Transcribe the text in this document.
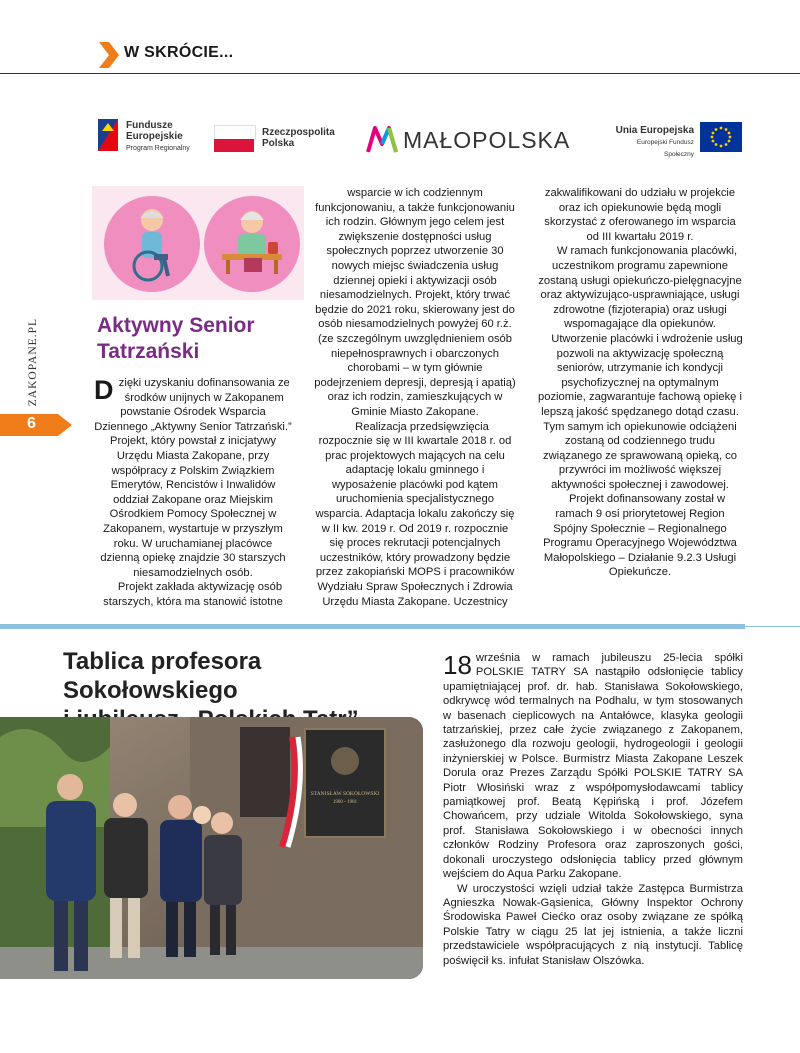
W SKRÓCIE...
ZAKOPANE.PL
6
Fundusze
Europejskie
Program Regionalny
Rzeczpospolita
Polska	MAŁOPOLSKA	Unia Europejska
Europejski Fundusz Społeczny
Aktywny Senior
Tatrzański

Dzięki uzyskaniu dofinansowania ze środków unijnych w Zakopanem powstanie Ośrodek Wsparcia Dziennego „Aktywny Senior Tatrzański.” Projekt, który powstał z inicjatywy Urzędu Miasta Zakopane, przy współpracy z Polskim Związkiem Emerytów, Rencistów i Inwalidów oddział Zakopane oraz Miejskim Ośrodkiem Pomocy Społecznej w Zakopanem, wystartuje w przyszłym roku. W uruchamianej placówce dzienną opiekę znajdzie 30 starszych niesamodzielnych osób.

Projekt zakłada aktywizację osób starszych, która ma stanowić istotne

wsparcie w ich codziennym funkcjonowaniu, a także funkcjonowaniu ich rodzin. Głównym jego celem jest zwiększenie dostępności usług społecznych poprzez utworzenie 30 nowych miejsc świadczenia usług dziennej opieki i aktywizacji osób niesamodzielnych. Projekt, który trwać będzie do 2021 roku, skierowany jest do osób niesamodzielnych powyżej 60 r.ż. (ze szczególnym uwzględnieniem osób niepełnosprawnych i obarczonych chorobami – w tym głównie podejrzeniem depresji, depresją i apatią) oraz ich rodzin, zamieszkujących w Gminie Miasto Zakopane.

Realizacja przedsięwzięcia rozpocznie się w III kwartale 2018 r. od prac projektowych mających na celu adaptację lokalu gminnego i wyposażenie placówki pod kątem uruchomienia specjalistycznego wsparcia. Adaptacja lokalu zakończy się w II kw. 2019 r. Od 2019 r. rozpocznie się proces rekrutacji potencjalnych uczestników, który prowadzony będzie przez zakopiański MOPS i pracowników Wydziału Spraw Społecznych i Zdrowia Urzędu Miasta Zakopane. Uczestnicy

zakwalifikowani do udziału w projekcie oraz ich opiekunowie będą mogli skorzystać z oferowanego im wsparcia od III kwartału 2019 r.

W ramach funkcjonowania placówki, uczestnikom programu zapewnione zostaną usługi opiekuńczo-pielęgnacyjne oraz aktywizująco-usprawniające, usługi zdrowotne (fizjoterapia) oraz usługi wspomagające dla opiekunów.

Utworzenie placówki i wdrożenie usług pozwoli na aktywizację społeczną seniorów, utrzymanie ich kondycji psychofizycznej na optymalnym poziomie, zagwarantuje fachową opiekę i lepszą jakość spędzanego dotąd czasu. Tym samym ich opiekunowie odciążeni zostaną od codziennego trudu związanego ze sprawowaną opieką, co przywróci im możliwość większej aktywności społecznej i zawodowej.

Projekt dofinansowany został w ramach 9 osi priorytetowej Region Spójny Społecznie – Regionalnego Programu Operacyjnego Województwa Małopolskiego – Działanie 9.2.3 Usługi Opiekuńcze.

Tablica profesora Sokołowskiego
STANISŁAW SOKOŁOWSKI
1900 - 1981

18 września w ramach jubileuszu 25-lecia spółki POLSKIE TATRY SA nastąpiło odsłonięcie tablicy upamiętniającej prof. dr. hab. Stanisława Sokołowskiego, odkrywcę wód termalnych na Podhalu, w tym stosowanych w basenach cieplicowych na Antałówce, klasyka geologii tatrzańskiej, przez całe życie związanego z Zakopanem, zasłużonego dla rozwoju geologii, hydrogeologii i geologii inżynierskiej w Polsce. Burmistrz Miasta Zakopane Leszek Dorula oraz Prezes Zarządu Spółki POLSKIE TATRY SA Piotr Włosiński wraz z współpomysłodawcami tablicy pamiątkowej prof. Beatą Kępińską i prof. Józefem Chowańcem, przy udziale Witolda Sokołowskiego, syna prof. Stanisława Sokołowskiego i w obecności innych członków Rodziny Profesora oraz zaproszonych gości, dokonali uroczystego odsłonięcia tablicy przed głównym wejściem do Aqua Parku Zakopane.

W uroczystości wzięli udział także Zastępca Burmistrza Agnieszka Nowak-Gąsienica, Główny Inspektor Ochrony Środowiska Paweł Ciećko oraz osoby związane ze spółką Polskie Tatry w ciągu 25 lat jej istnienia, a także liczni przedstawiciele współpracujących z nią instytucji. Tablicę poświęcił ks. infułat Stanisław Olszówka.
